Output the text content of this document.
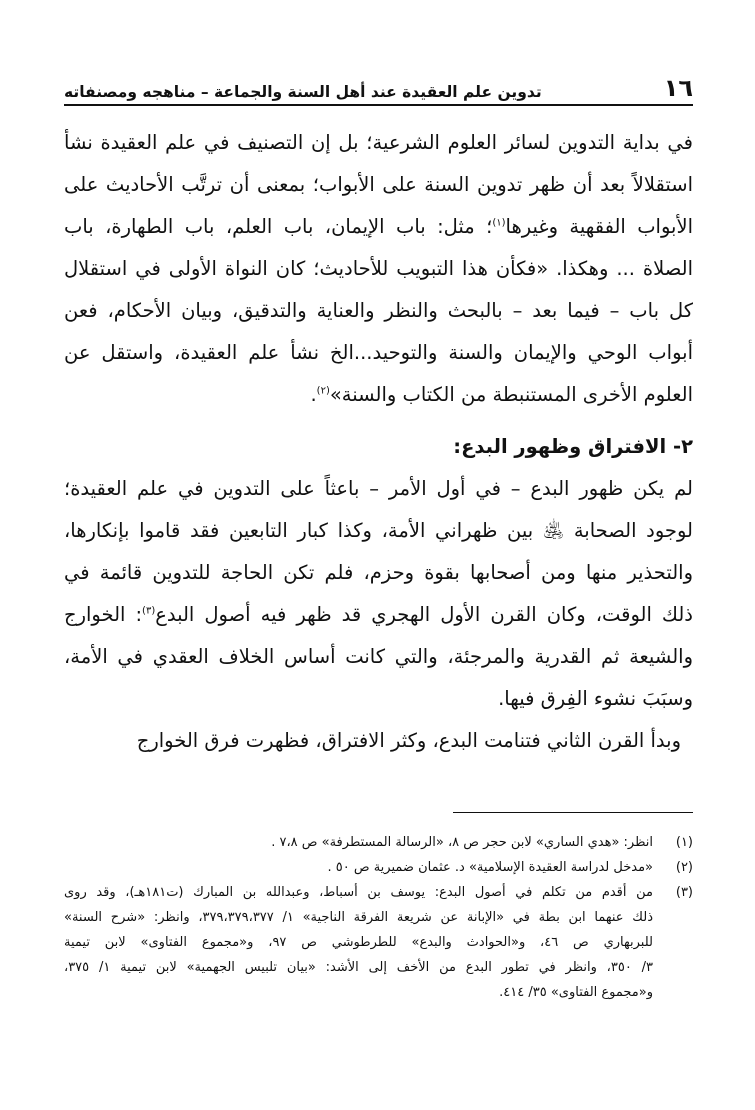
١٦
تدوين علم العقيدة عند أهل السنة والجماعة – مناهجه ومصنفاته
في بداية التدوين لسائر العلوم الشرعية؛ بل إن التصنيف في علم العقيدة نشأ
استقلالاً بعد أن ظهر تدوين السنة على الأبواب؛ بمعنى أن ترتَّب الأحاديث على
الأبواب الفقهية وغيرها$^{(١)}$؛ مثل: باب الإيمان، باب العلم، باب الطهارة، باب
الصلاة ... وهكذا. «فكأن هذا التبويب للأحاديث؛ كان النواة الأولى في استقلال
كل باب – فيما بعد – بالبحث والنظر والعناية والتدقيق، وبيان الأحكام، فعن
أبواب الوحي والإيمان والسنة والتوحيد...الخ نشأ علم العقيدة، واستقل عن
العلوم الأخرى المستنبطة من الكتاب والسنة»$^{(٢)}$.
٢- الافتراق وظهور البدع:
لم يكن ظهور البدع – في أول الأمر – باعثاً على التدوين في علم العقيدة؛
لوجود الصحابة ﵁ بين ظهراني الأمة، وكذا كبار التابعين فقد قاموا بإنكارها،
والتحذير منها ومن أصحابها بقوة وحزم، فلم تكن الحاجة للتدوين قائمة في
ذلك الوقت، وكان القرن الأول الهجري قد ظهر فيه أصول البدع$^{(٣)}$: الخوارج
والشيعة ثم القدرية والمرجئة، والتي كانت أساس الخلاف العقدي في الأمة،
وسبَبَ نشوء الفِرق فيها.
وبدأ القرن الثاني فتنامت البدع، وكثر الافتراق، فظهرت فرق الخوارج
(١)
انظر: «هدي الساري» لابن حجر ص ٨، «الرسالة المستطرفة» ص ٧،٨ .
(٢)
«مدخل لدراسة العقيدة الإسلامية» د. عثمان ضميرية ص ٥٠ .
(٣)
من أقدم من تكلم في أصول البدع: يوسف بن أسباط، وعبدالله بن المبارك (ت١٨١هـ)، وقد روى
ذلك عنهما ابن بطة في «الإبانة عن شريعة الفرقة الناجية» ١/ ٣٧٩،٣٧٩،٣٧٧، وانظر: «شرح السنة»
للبربهاري ص ٤٦، و«الحوادث والبدع» للطرطوشي ص ٩٧، و«مجموع الفتاوى» لابن تيمية
٣/ ٣٥٠، وانظر في تطور البدع من الأخف إلى الأشد: «بيان تلبيس الجهمية» لابن تيمية ١/ ٣٧٥،
و«مجموع الفتاوى» ٣٥/ ٤١٤.
